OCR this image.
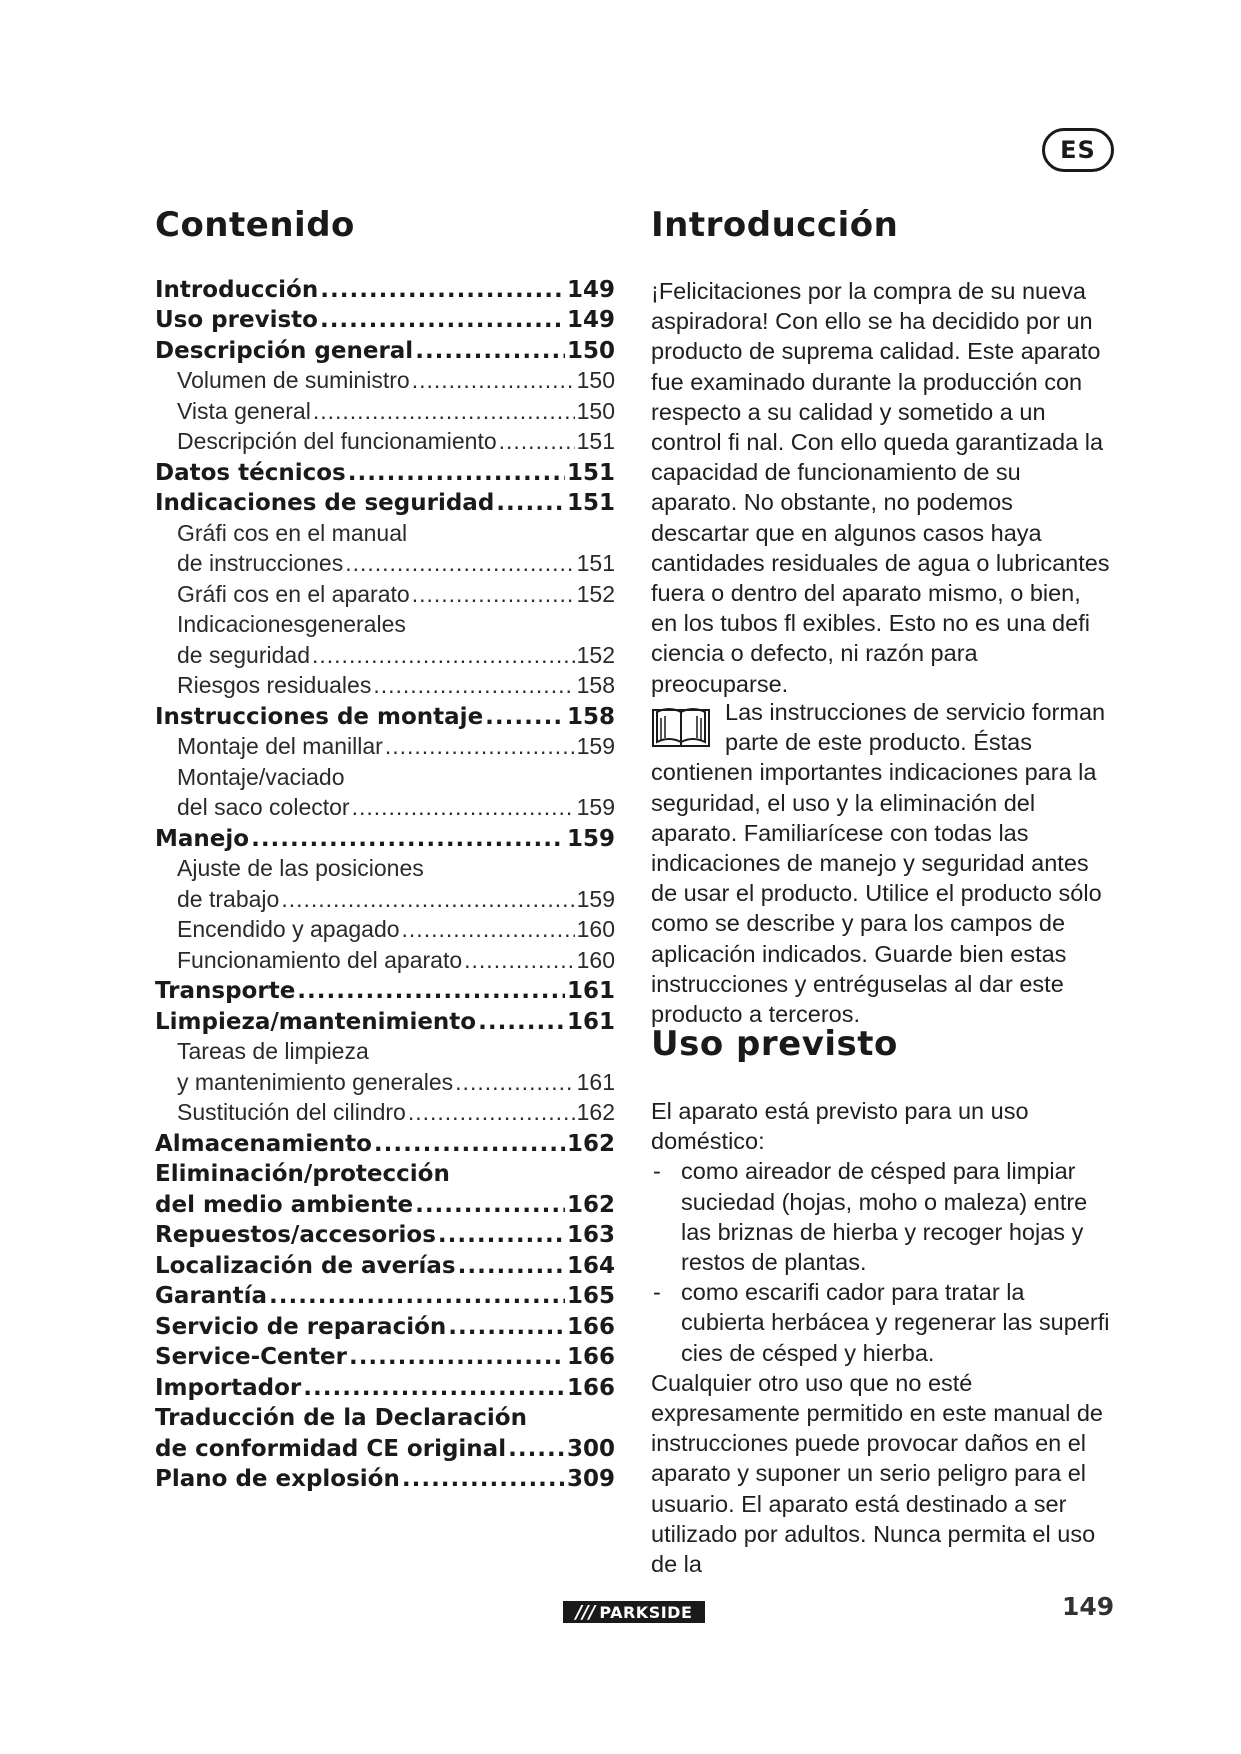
ES
Contenido
Introducción .....	149
Uso previsto .....	149
Descripción general .....	150
Volumen de suministro .....	150
Vista general .....	150
Descripción del funcionamiento .....	151
Datos técnicos .....	151
Indicaciones de seguridad .....	151
Gráfi cos en el manual
de instrucciones .....	151
Gráfi cos en el aparato .....	152
Indicacionesgenerales
de seguridad .....	152
Riesgos residuales .....	158
Instrucciones de montaje .....	158
Montaje del manillar .....	159
Montaje/vaciado
del saco colector .....	159
Manejo .....	159
Ajuste de las posiciones
de trabajo .....	159
Encendido y apagado .....	160
Funcionamiento del aparato .....	160
Transporte .....	161
Limpieza/mantenimiento .....	161
Tareas de limpieza
y mantenimiento generales .....	161
Sustitución del cilindro .....	162
Almacenamiento .....	162
Eliminación/protección
del medio ambiente .....	162
Repuestos/accesorios .....	163
Localización de averías .....	164
Garantía .....	165
Servicio de reparación .....	166
Service-Center .....	166
Importador .....	166
Traducción de la Declaración
de conformidad CE original .....	300
Plano de explosión .....	309
Introducción

¡Felicitaciones por la compra de su nueva aspiradora! Con ello se ha decidido por un producto de suprema calidad. Este aparato fue examinado durante la producción con respecto a su calidad y sometido a un control fi nal. Con ello queda garantizada la capacidad de funcionamiento de su aparato. No obstante, no podemos descartar que en algunos casos haya cantidades residuales de agua o lubricantes fuera o dentro del aparato mismo, o bien, en los tubos fl exibles. Esto no es una defi ciencia o defecto, ni razón para preocuparse.

Las instrucciones de servicio forman parte de este producto. Éstas contienen importantes indicaciones para la seguridad, el uso y la eliminación del aparato. Familiarícese con todas las indicaciones de manejo y seguridad antes de usar el producto. Utilice el producto sólo como se describe y para los campos de aplicación indicados. Guarde bien estas instrucciones y entréguselas al dar este producto a terceros.

Uso previsto

El aparato está previsto para un uso doméstico:

- como aireador de césped para limpiar suciedad (hojas, moho o maleza) entre las briznas de hierba y recoger hojas y restos de plantas.
- como escarifi cador para tratar la cubierta herbácea y regenerar las superfi cies de césped y hierba.

Cualquier otro uso que no esté expresamente permitido en este manual de instrucciones puede provocar daños en el aparato y suponer un serio peligro para el usuario. El aparato está destinado a ser utilizado por adultos. Nunca permita el uso de la

/// PARKSIDE	149
